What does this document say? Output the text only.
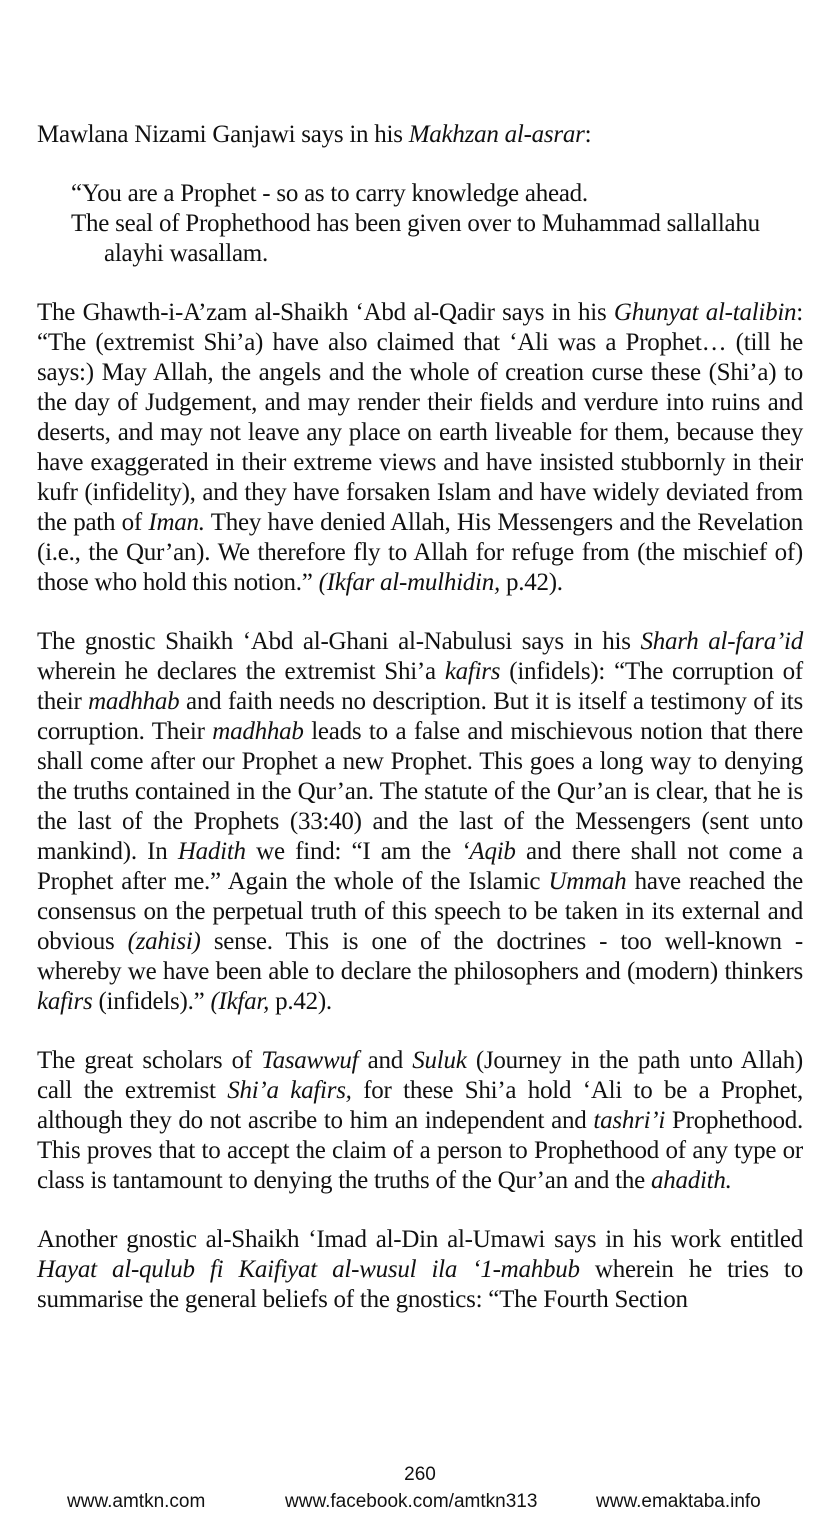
Mawlana Nizami Ganjawi says in his Makhzan al-asrar:

“You are a Prophet - so as to carry knowledge ahead.

The seal of Prophethood has been given over to Muhammad sallallahu alayhi wasallam.

The Ghawth-i-A’zam al-Shaikh ‘Abd al-Qadir says in his Ghunyat al-talibin: “The (extremist Shi’a) have also claimed that ‘Ali was a Prophet… (till he says:) May Allah, the angels and the whole of creation curse these (Shi’a) to the day of Judgement, and may render their fields and verdure into ruins and deserts, and may not leave any place on earth liveable for them, because they have exaggerated in their extreme views and have insisted stubbornly in their kufr (infidelity), and they have forsaken Islam and have widely deviated from the path of Iman. They have denied Allah, His Messengers and the Revelation (i.e., the Qur’an). We therefore fly to Allah for refuge from (the mischief of) those who hold this notion.” (Ikfar al-mulhidin, p.42).

The gnostic Shaikh ‘Abd al-Ghani al-Nabulusi says in his Sharh al-fara’id wherein he declares the extremist Shi’a kafirs (infidels): “The corruption of their madhhab and faith needs no description. But it is itself a testimony of its corruption. Their madhhab leads to a false and mischievous notion that there shall come after our Prophet a new Prophet. This goes a long way to denying the truths contained in the Qur’an. The statute of the Qur’an is clear, that he is the last of the Prophets (33:40) and the last of the Messengers (sent unto mankind). In Hadith we find: “I am the ‘Aqib and there shall not come a Prophet after me.” Again the whole of the Islamic Ummah have reached the consensus on the perpetual truth of this speech to be taken in its external and obvious (zahisi) sense. This is one of the doctrines - too well-known - whereby we have been able to declare the philosophers and (modern) thinkers kafirs (infidels).” (Ikfar, p.42).

The great scholars of Tasawwuf and Suluk (Journey in the path unto Allah) call the extremist Shi’a kafirs, for these Shi’a hold ‘Ali to be a Prophet, although they do not ascribe to him an independent and tashri’i Prophethood. This proves that to accept the claim of a person to Prophethood of any type or class is tantamount to denying the truths of the Qur’an and the ahadith.

Another gnostic al-Shaikh ‘Imad al-Din al-Umawi says in his work entitled Hayat al-qulub fi Kaifiyat al-wusul ila ‘1-mahbub wherein he tries to summarise the general beliefs of the gnostics: “The Fourth Section

260
www.amtkn.com	www.facebook.com/amtkn313	www.emaktaba.info
